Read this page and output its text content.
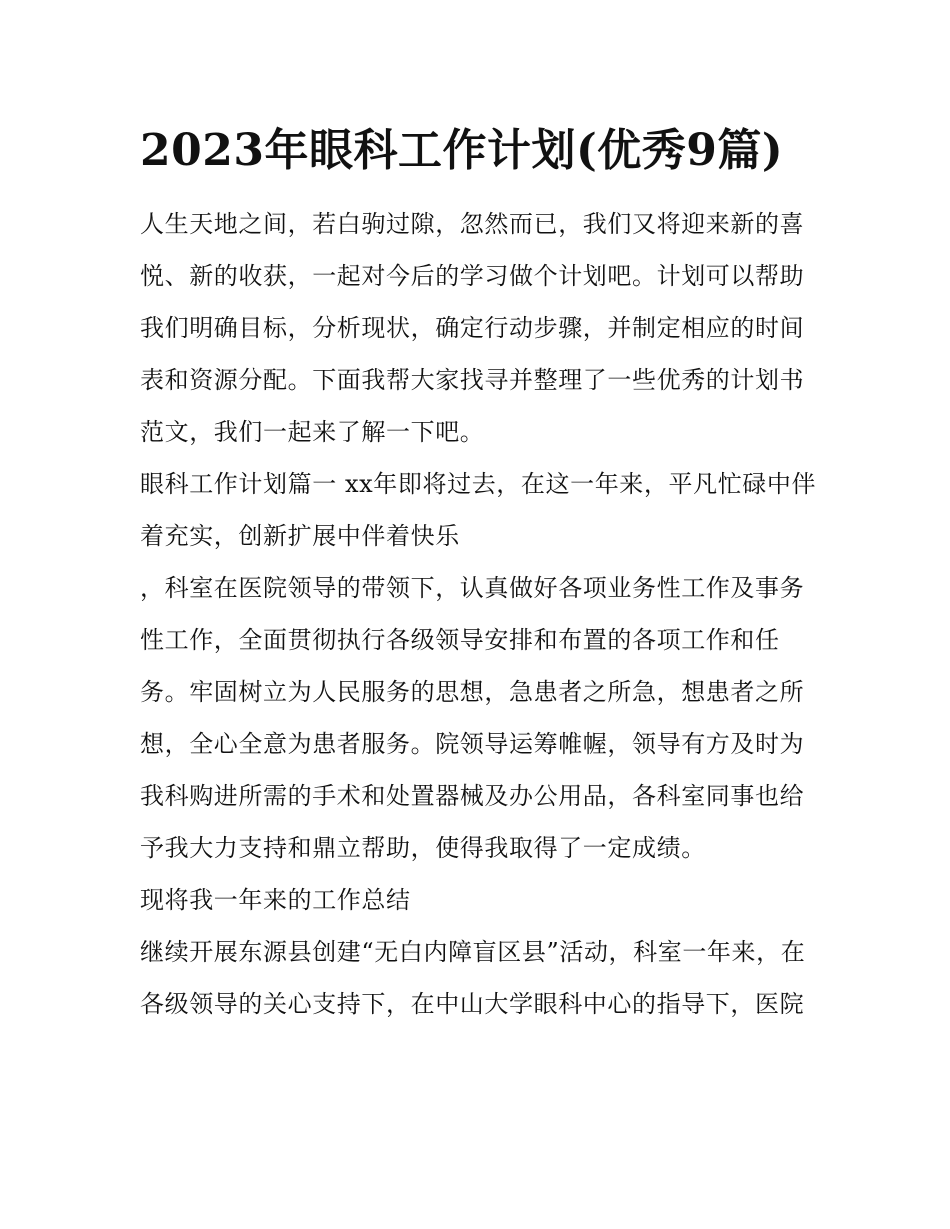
2023年眼科工作计划(优秀9篇)

人生天地之间，若白驹过隙，忽然而已，我们又将迎来新的喜悦、新的收获，一起对今后的学习做个计划吧。计划可以帮助我们明确目标，分析现状，确定行动步骤，并制定相应的时间表和资源分配。下面我帮大家找寻并整理了一些优秀的计划书范文，我们一起来了解一下吧。

眼科工作计划篇一 xx年即将过去，在这一年来，平凡忙碌中伴着充实，创新扩展中伴着快乐

，科室在医院领导的带领下，认真做好各项业务性工作及事务性工作，全面贯彻执行各级领导安排和布置的各项工作和任务。牢固树立为人民服务的思想，急患者之所急，想患者之所想，全心全意为患者服务。院领导运筹帷幄，领导有方及时为我科购进所需的手术和处置器械及办公用品，各科室同事也给予我大力支持和鼎立帮助，使得我取得了一定成绩。

现将我一年来的工作总结

继续开展东源县创建“无白内障盲区县”活动，科室一年来，在各级领导的关心支持下，在中山大学眼科中心的指导下，医院
